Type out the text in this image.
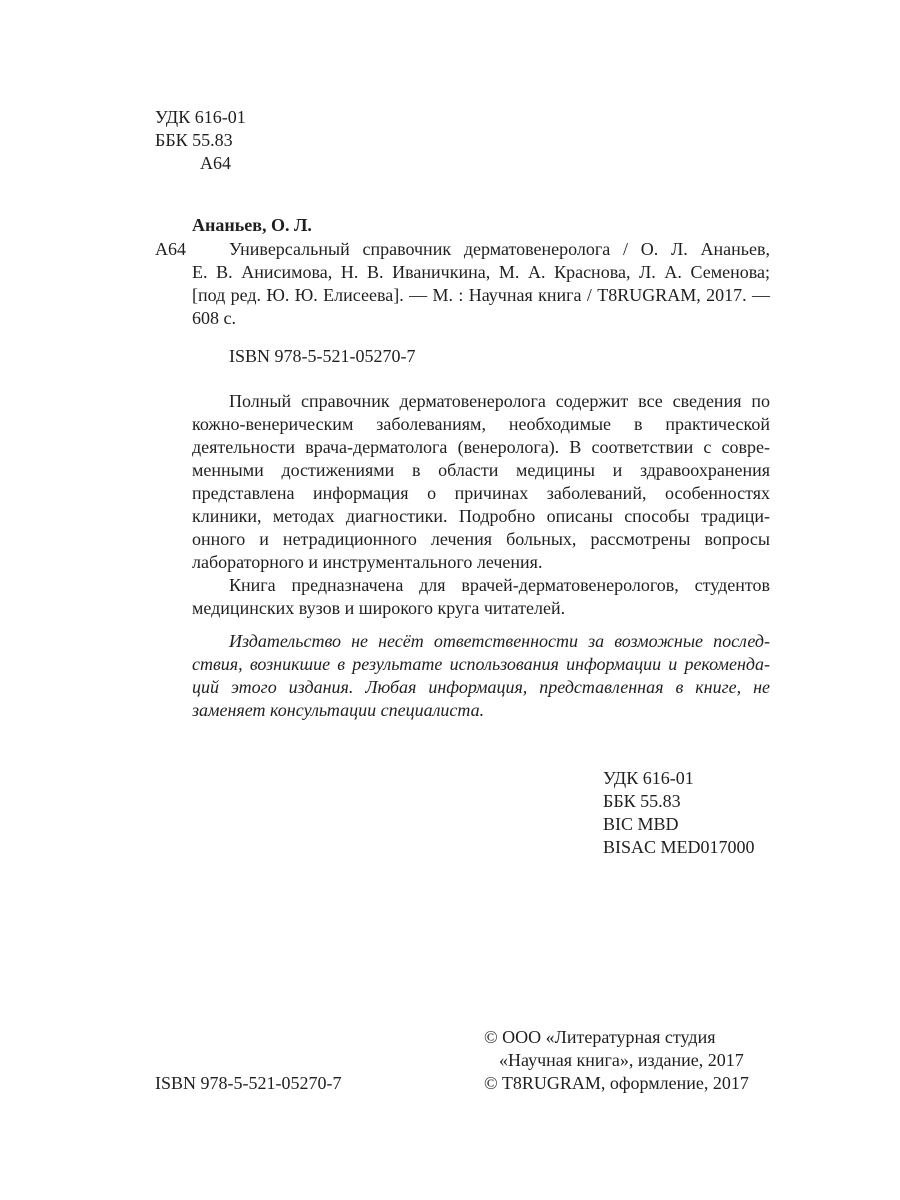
УДК 616-01
ББК 55.83
А64
Ананьев, О. Л.
А64	Универсальный справочник дерматовенеролога / О. Л. Ананьев,
Е. В. Анисимова, Н. В. Иваничкина, М. А. Краснова, Л. А. Семенова;
[под ред. Ю. Ю. Елисеева]. — М. : Научная книга / T8RUGRAM, 2017. —
608 с.
ISBN 978-5-521-05270-7
Полный справочник дерматовенеролога содержит все сведения по
кожно-венерическим заболеваниям, необходимые в практической
деятельности врача-дерматолога (венеролога). В соответствии с совре-
менными достижениями в области медицины и здравоохранения
представлена информация о причинах заболеваний, особенностях
клиники, методах диагностики. Подробно описаны способы традици-
онного и нетрадиционного лечения больных, рассмотрены вопросы
лабораторного и инструментального лечения.
Книга предназначена для врачей-дерматовенерологов, студентов
медицинских вузов и широкого круга читателей.
Издательство не несёт ответственности за возможные послед-
ствия, возникшие в результате использования информации и рекоменда-
ций этого издания. Любая информация, представленная в книге, не
заменяет консультации специалиста.
УДК 616-01
ББК 55.83
BIC MBD
BISAC MED017000
© ООО «Литературная студия
«Научная книга», издание, 2017
ISBN 978-5-521-05270-7	© T8RUGRAM, оформление, 2017
